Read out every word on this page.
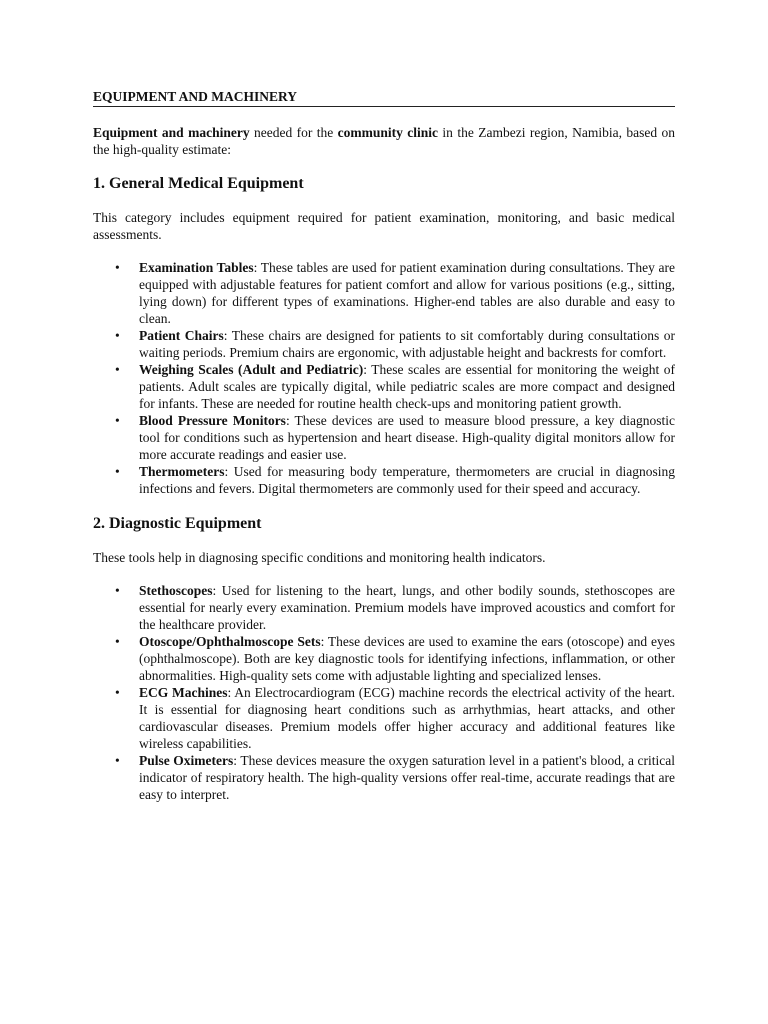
EQUIPMENT AND MACHINERY

Equipment and machinery needed for the community clinic in the Zambezi region, Namibia, based on the high-quality estimate:

1. General Medical Equipment

This category includes equipment required for patient examination, monitoring, and basic medical assessments.

• Examination Tables: These tables are used for patient examination during consultations. They are equipped with adjustable features for patient comfort and allow for various positions (e.g., sitting, lying down) for different types of examinations. Higher-end tables are also durable and easy to clean.
• Patient Chairs: These chairs are designed for patients to sit comfortably during consultations or waiting periods. Premium chairs are ergonomic, with adjustable height and backrests for comfort.
• Weighing Scales (Adult and Pediatric): These scales are essential for monitoring the weight of patients. Adult scales are typically digital, while pediatric scales are more compact and designed for infants. These are needed for routine health check-ups and monitoring patient growth.
• Blood Pressure Monitors: These devices are used to measure blood pressure, a key diagnostic tool for conditions such as hypertension and heart disease. High-quality digital monitors allow for more accurate readings and easier use.
• Thermometers: Used for measuring body temperature, thermometers are crucial in diagnosing infections and fevers. Digital thermometers are commonly used for their speed and accuracy.
2. Diagnostic Equipment

These tools help in diagnosing specific conditions and monitoring health indicators.

• Stethoscopes: Used for listening to the heart, lungs, and other bodily sounds, stethoscopes are essential for nearly every examination. Premium models have improved acoustics and comfort for the healthcare provider.
• Otoscope/Ophthalmoscope Sets: These devices are used to examine the ears (otoscope) and eyes (ophthalmoscope). Both are key diagnostic tools for identifying infections, inflammation, or other abnormalities. High-quality sets come with adjustable lighting and specialized lenses.
• ECG Machines: An Electrocardiogram (ECG) machine records the electrical activity of the heart. It is essential for diagnosing heart conditions such as arrhythmias, heart attacks, and other cardiovascular diseases. Premium models offer higher accuracy and additional features like wireless capabilities.
• Pulse Oximeters: These devices measure the oxygen saturation level in a patient's blood, a critical indicator of respiratory health. The high-quality versions offer real-time, accurate readings that are easy to interpret.
